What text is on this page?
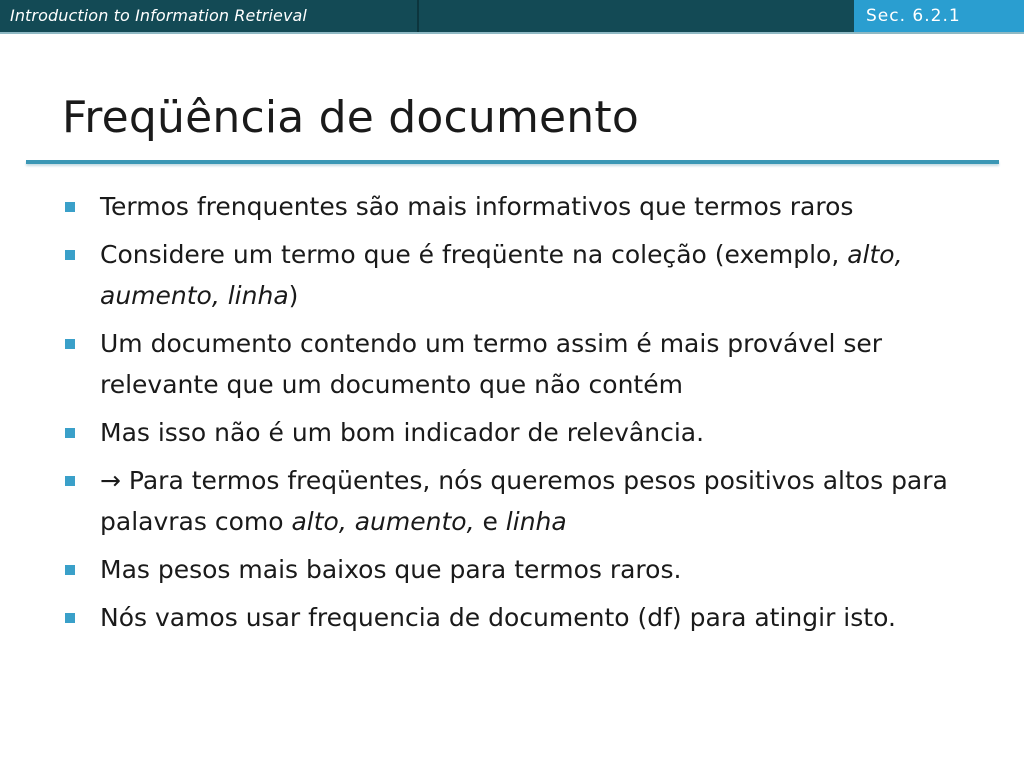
Introduction to Information Retrieval	Sec. 6.2.1
Freqüência de documento
Termos frenquentes são mais informativos que termos raros
Considere um termo que é freqüente na coleção (exemplo, alto, aumento, linha)
Um documento contendo um termo assim é mais provável ser relevante que um documento que não contém
Mas isso não é um bom indicador de relevância.
→ Para termos freqüentes, nós queremos pesos positivos altos para palavras como alto, aumento, e linha
Mas pesos mais baixos que para termos raros.
Nós vamos usar frequencia de documento (df) para atingir isto.
